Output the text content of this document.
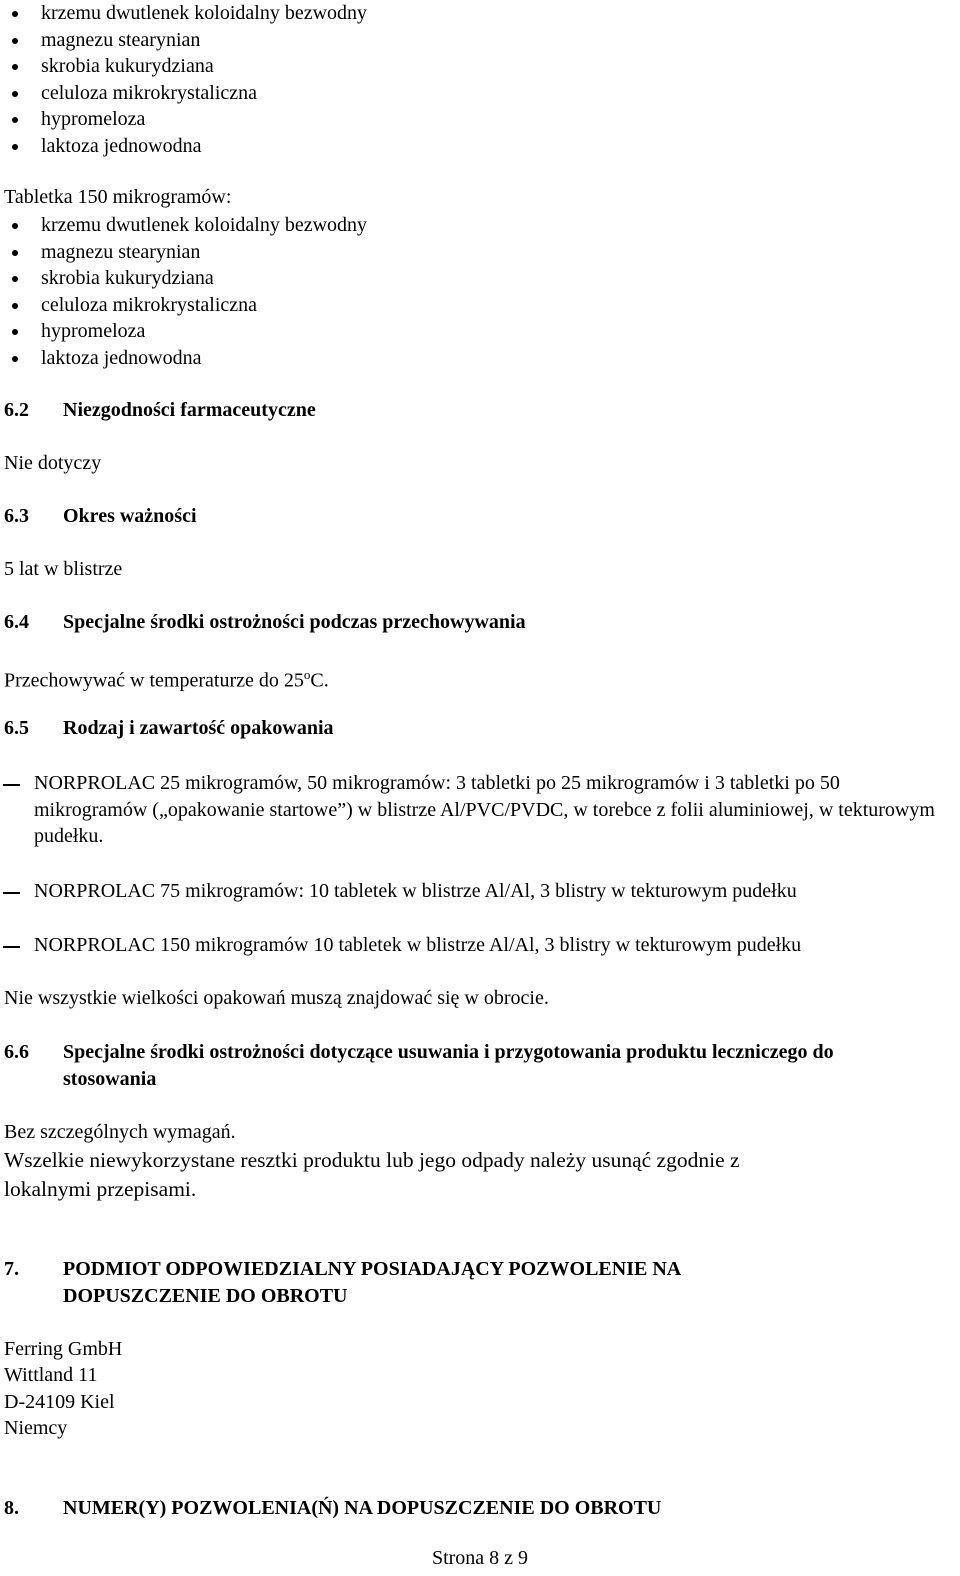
krzemu dwutlenek koloidalny bezwodny
magnezu stearynian
skrobia kukurydziana
celuloza mikrokrystaliczna
hypromeloza
laktoza jednowodna
Tabletka 150 mikrogramów:
krzemu dwutlenek koloidalny bezwodny
magnezu stearynian
skrobia kukurydziana
celuloza mikrokrystaliczna
hypromeloza
laktoza jednowodna
6.2 Niezgodności farmaceutyczne
Nie dotyczy
6.3 Okres ważności
5 lat w blistrze
6.4 Specjalne środki ostrożności podczas przechowywania
Przechowywać w temperaturze do 25$^o$C.
6.5 Rodzaj i zawartość opakowania
NORPROLAC 25 mikrogramów, 50 mikrogramów: 3 tabletki po 25 mikrogramów i 3 tabletki po 50 mikrogramów („opakowanie startowe”) w blistrze Al/PVC/PVDC, w torebce z folii aluminiowej, w tekturowym pudełku.
NORPROLAC 75 mikrogramów: 10 tabletek w blistrze Al/Al, 3 blistry w tekturowym pudełku
NORPROLAC 150 mikrogramów 10 tabletek w blistrze Al/Al, 3 blistry w tekturowym pudełku
Nie wszystkie wielkości opakowań muszą znajdować się w obrocie.
6.6 Specjalne środki ostrożności dotyczące usuwania i przygotowania produktu leczniczego do
stosowania
Bez szczególnych wymagań.
Wszelkie niewykorzystane resztki produktu lub jego odpady należy usunąć zgodnie z
lokalnymi przepisami.
7. PODMIOT ODPOWIEDZIALNY POSIADAJĄCY POZWOLENIE NA
DOPUSZCZENIE DO OBROTU
Ferring GmbH
Wittland 11
D-24109 Kiel
Niemcy
8. NUMER(Y) POZWOLENIA(Ń) NA DOPUSZCZENIE DO OBROTU
Strona 8 z 9
